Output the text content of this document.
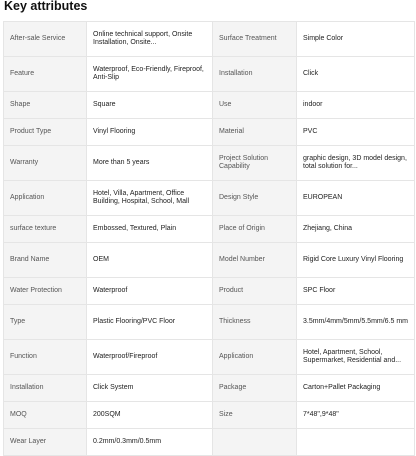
Key attributes
After-sale Service	Online technical support, Onsite Installation, Onsite...	Surface Treatment	Simple Color
Feature	Waterproof, Eco-Friendly, Fireproof, Anti-Slip	Installation	Click
Shape	Square	Use	indoor
Product Type	Vinyl Flooring	Material	PVC
Warranty	More than 5 years	Project Solution Capability	graphic design, 3D model design, total solution for...
Application	Hotel, Villa, Apartment, Office Building, Hospital, School, Mall	Design Style	EUROPEAN
surface texture	Embossed, Textured, Plain	Place of Origin	Zhejiang, China
Brand Name	OEM	Model Number	Rigid Core Luxury Vinyl Flooring
Water Protection	Waterproof	Product	SPC Floor
Type	Plastic Flooring/PVC Floor	Thickness	3.5mm/4mm/5mm/5.5mm/6.5 mm
Function	Waterproof/Fireproof	Application	Hotel, Apartment, School, Supermarket, Residential and...
Installation	Click System	Package	Carton+Pallet Packaging
MOQ	200SQM	Size	7*48",9*48"
Wear Layer	0.2mm/0.3mm/0.5mm		
